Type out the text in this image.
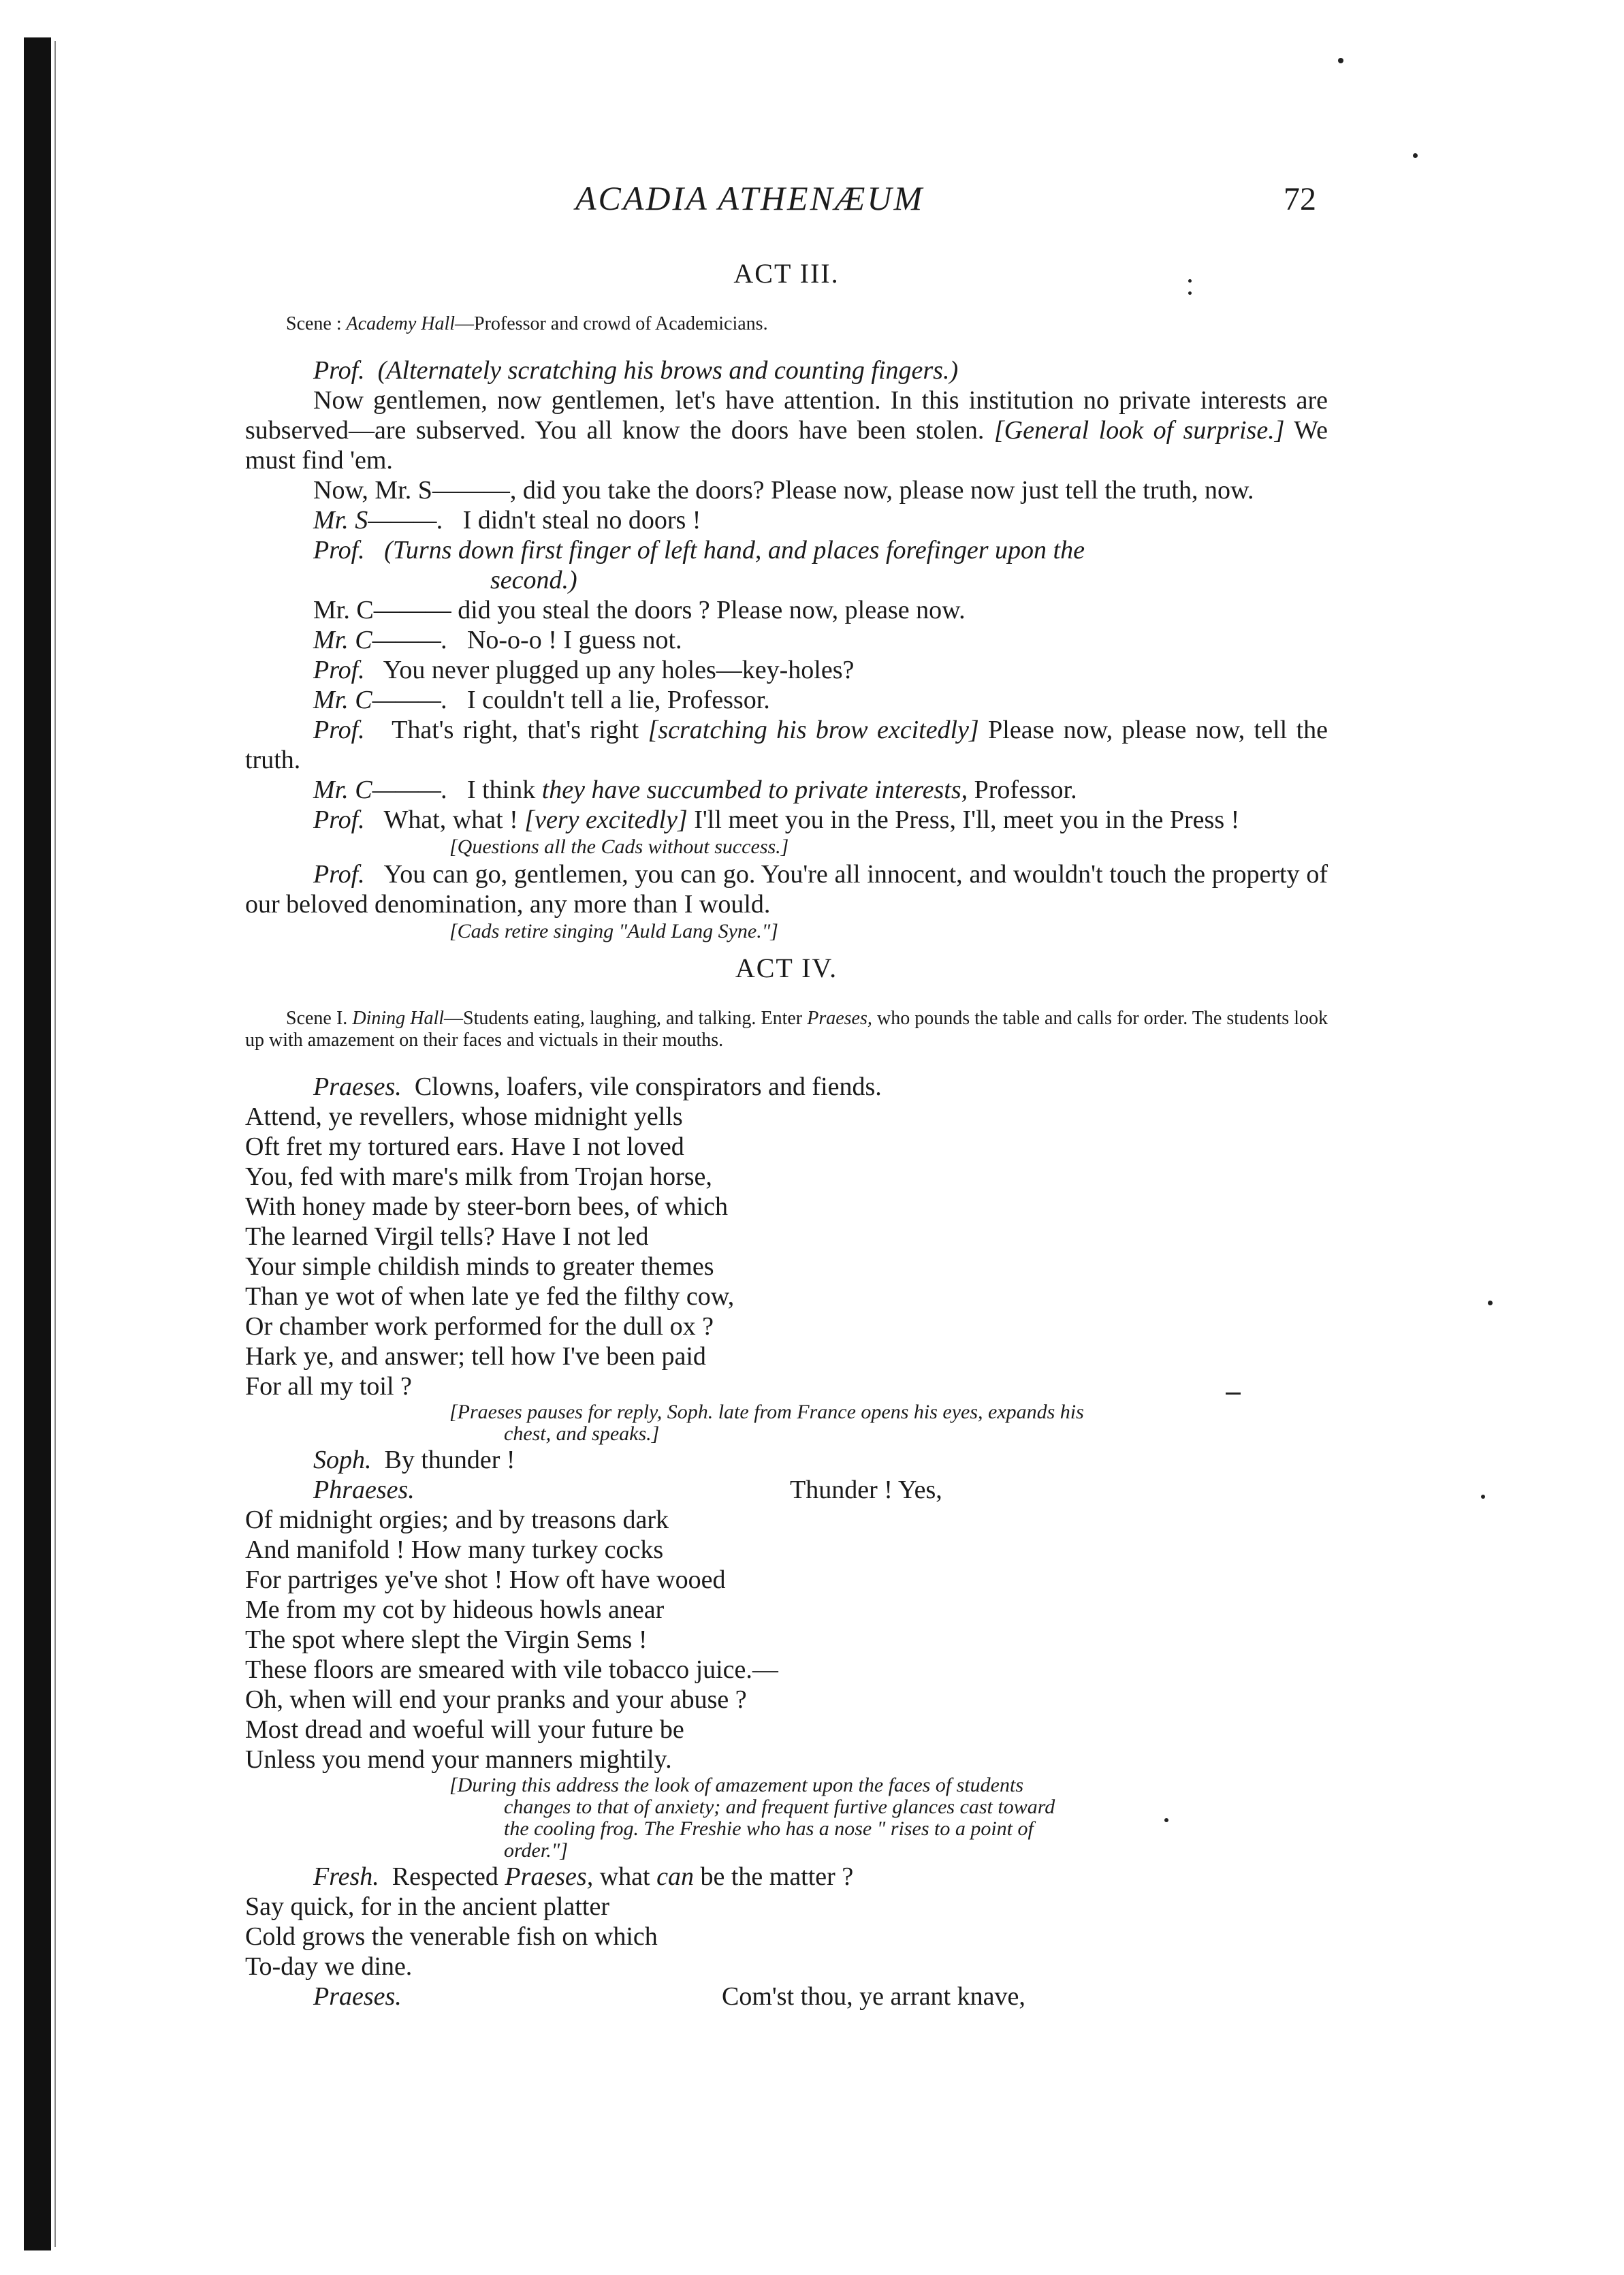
ACADIA ATHENÆUM	72
ACT III.

Scene : Academy Hall—Professor and crowd of Academicians.

Prof. (Alternately scratching his brows and counting fingers.)

Now gentlemen, now gentlemen, let's have attention. In this institution no private interests are subserved—are subserved. You all know the doors have been stolen. [General look of surprise.] We must find 'em.

Now, Mr. S———, did you take the doors? Please now, please now just tell the truth, now.

Mr. S———. I didn't steal no doors !

Prof. (Turns down first finger of left hand, and places forefinger upon the

second.)

Mr. C——— did you steal the doors ? Please now, please now.

Mr. C———. No-o-o ! I guess not.

Prof. You never plugged up any holes—key-holes?

Mr. C———. I couldn't tell a lie, Professor.

Prof. That's right, that's right [scratching his brow excitedly] Please now, please now, tell the truth.

Mr. C———. I think they have succumbed to private interests, Professor.

Prof. What, what ! [very excitedly] I'll meet you in the Press, I'll, meet you in the Press !

[Questions all the Cads without success.]

Prof. You can go, gentlemen, you can go. You're all innocent, and wouldn't touch the property of our beloved denomination, any more than I would.

[Cads retire singing "Auld Lang Syne."]

ACT IV.

Scene I. Dining Hall—Students eating, laughing, and talking. Enter Praeses, who pounds the table and calls for order. The students look up with amazement on their faces and victuals in their mouths.

Praeses. Clowns, loafers, vile conspirators and fiends.

Attend, ye revellers, whose midnight yells

Oft fret my tortured ears. Have I not loved

You, fed with mare's milk from Trojan horse,

With honey made by steer-born bees, of which

The learned Virgil tells? Have I not led

Your simple childish minds to greater themes

Than ye wot of when late ye fed the filthy cow,

Or chamber work performed for the dull ox ?

Hark ye, and answer; tell how I've been paid

For all my toil ?

[Praeses pauses for reply, Soph. late from France opens his eyes, expands his
chest, and speaks.]

Soph. By thunder !

Phraeses.	Thunder ! Yes,

Of midnight orgies; and by treasons dark

And manifold ! How many turkey cocks

For partriges ye've shot ! How oft have wooed

Me from my cot by hideous howls anear

The spot where slept the Virgin Sems !

These floors are smeared with vile tobacco juice.—

Oh, when will end your pranks and your abuse ?

Most dread and woeful will your future be

Unless you mend your manners mightily.

[During this address the look of amazement upon the faces of students
changes to that of anxiety; and frequent furtive glances cast toward
the cooling frog. The Freshie who has a nose " rises to a point of
order."]

Fresh. Respected Praeses, what can be the matter ?

Say quick, for in the ancient platter

Cold grows the venerable fish on which

To-day we dine.

Praeses.	Com'st thou, ye arrant knave,
